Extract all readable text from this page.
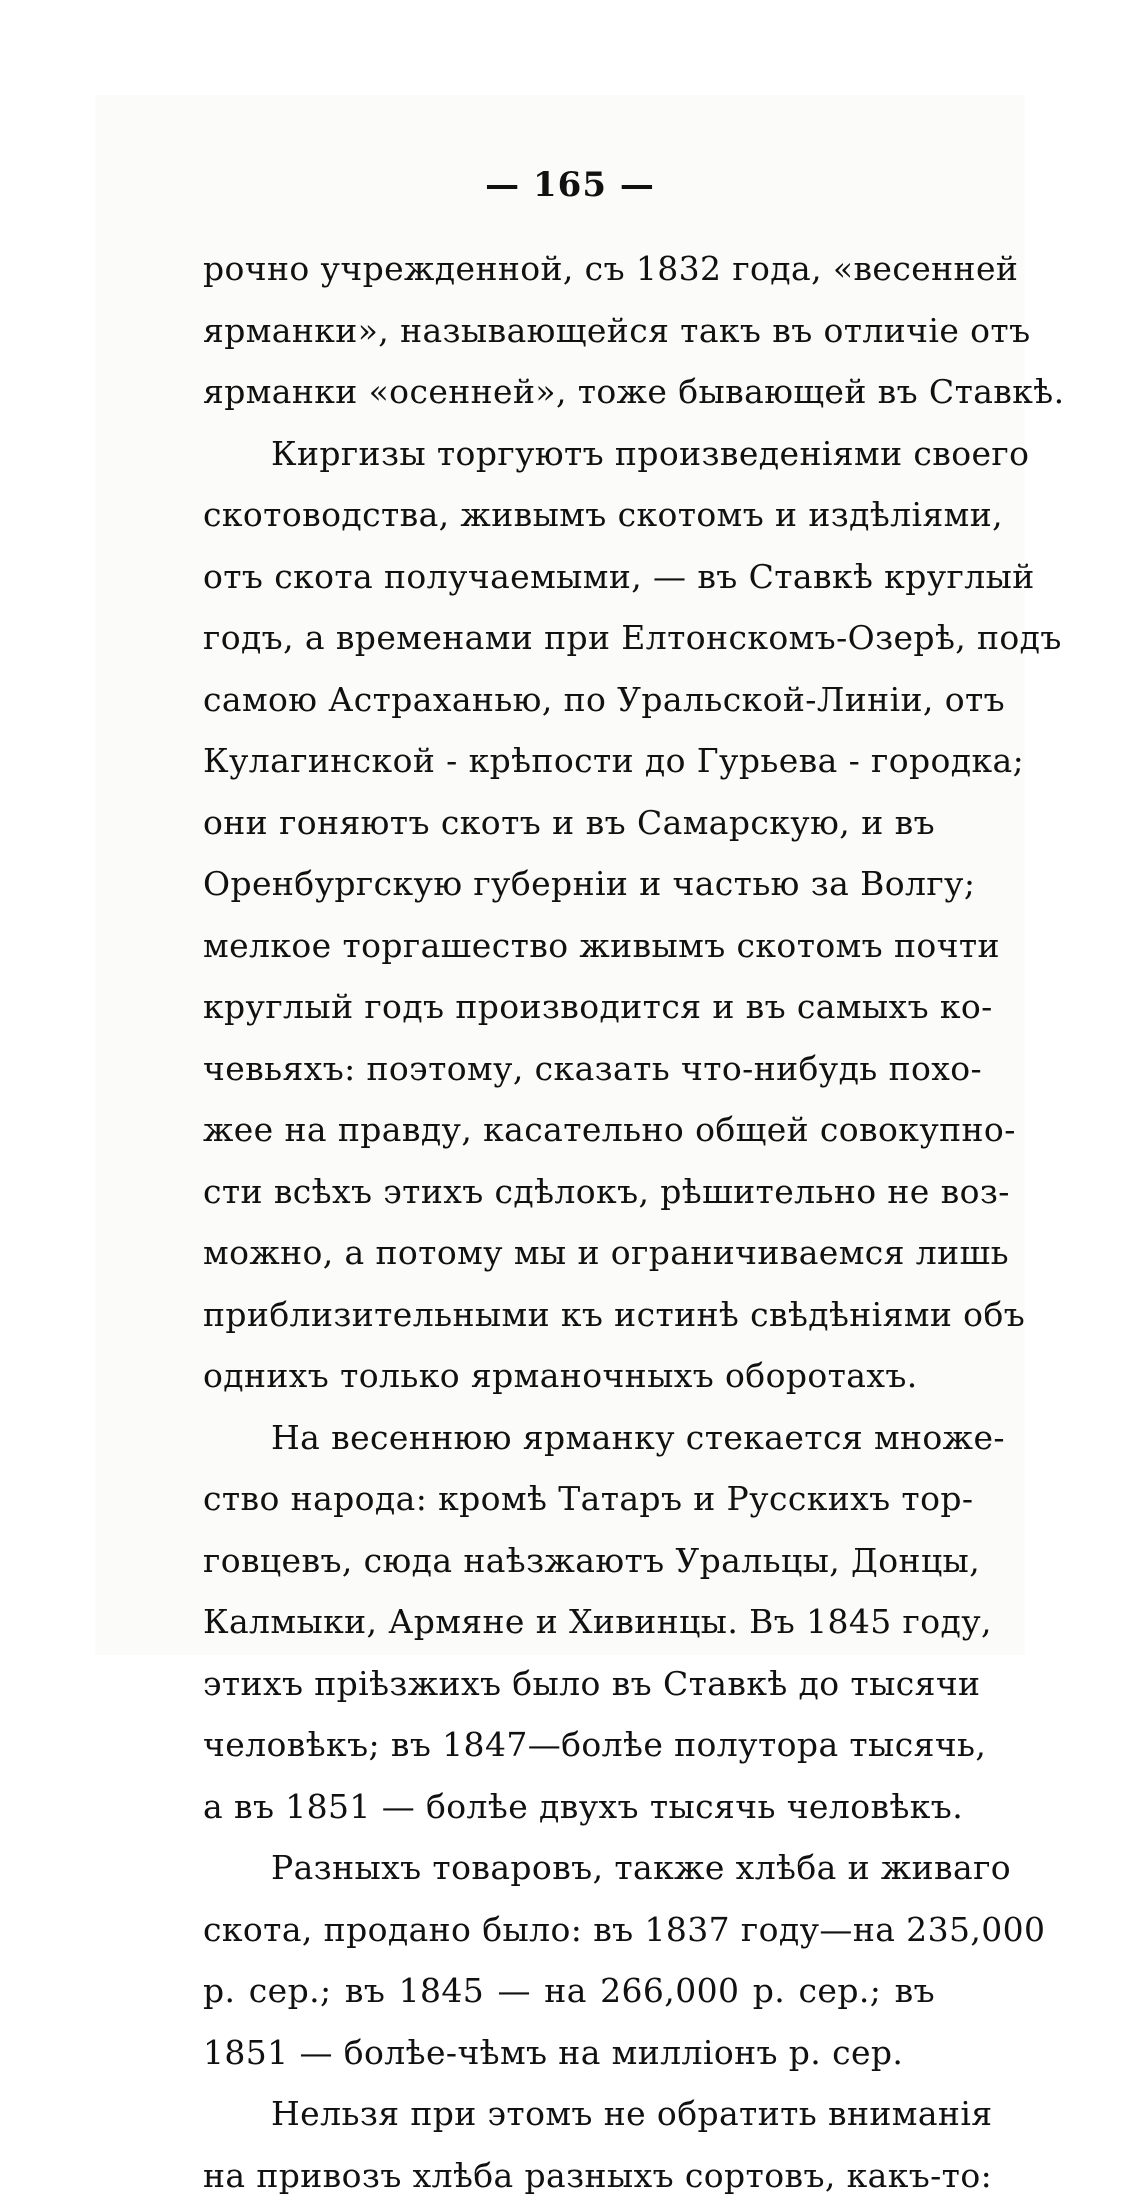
— 165 —
рочно учрежденной, съ 1832 года, «весенней
ярманки», называющейся такъ въ отличіе отъ
ярманки «осенней», тоже бывающей въ Ставкѣ.
Киргизы торгуютъ произведеніями своего
скотоводства, живымъ скотомъ и издѣліями,
отъ скота получаемыми, — въ Ставкѣ круглый
годъ, а временами при Елтонскомъ-Озерѣ, подъ
самою Астраханью, по Уральской-Линіи, отъ
Кулагинской - крѣпости до Гурьева - городка;
они гоняютъ скотъ и въ Самарскую, и въ
Оренбургскую губерніи и частью за Волгу;
мелкое торгашество живымъ скотомъ почти
круглый годъ производится и въ самыхъ ко-
чевьяхъ: поэтому, сказать что-нибудь похо-
жее на правду, касательно общей совокупно-
сти всѣхъ этихъ сдѣлокъ, рѣшительно не воз-
можно, а потому мы и ограничиваемся лишь
приблизительными къ истинѣ свѣдѣніями объ
однихъ только ярмaночныхъ оборотахъ.
На весеннюю ярманку стекается множе-
ство народа: кромѣ Татаръ и Русскихъ тор-
говцевъ, сюда наѣзжаютъ Уральцы, Донцы,
Калмыки, Армяне и Хивинцы. Въ 1845 году,
этихъ пріѣзжихъ было въ Ставкѣ до тысячи
человѣкъ; въ 1847—болѣе полутора тысячь,
а въ 1851 — болѣе двухъ тысячь человѣкъ.
Разныхъ товаровъ, также хлѣба и живаго
скота, продано было: въ 1837 году—на 235,000
р. сер.; въ 1845 — на 266,000 р. сер.; въ
1851 — болѣе-чѣмъ на милліонъ р. сер.
Нельзя при этомъ не обратить вниманія
на привозъ хлѣба разныхъ сортовъ, какъ-то:
